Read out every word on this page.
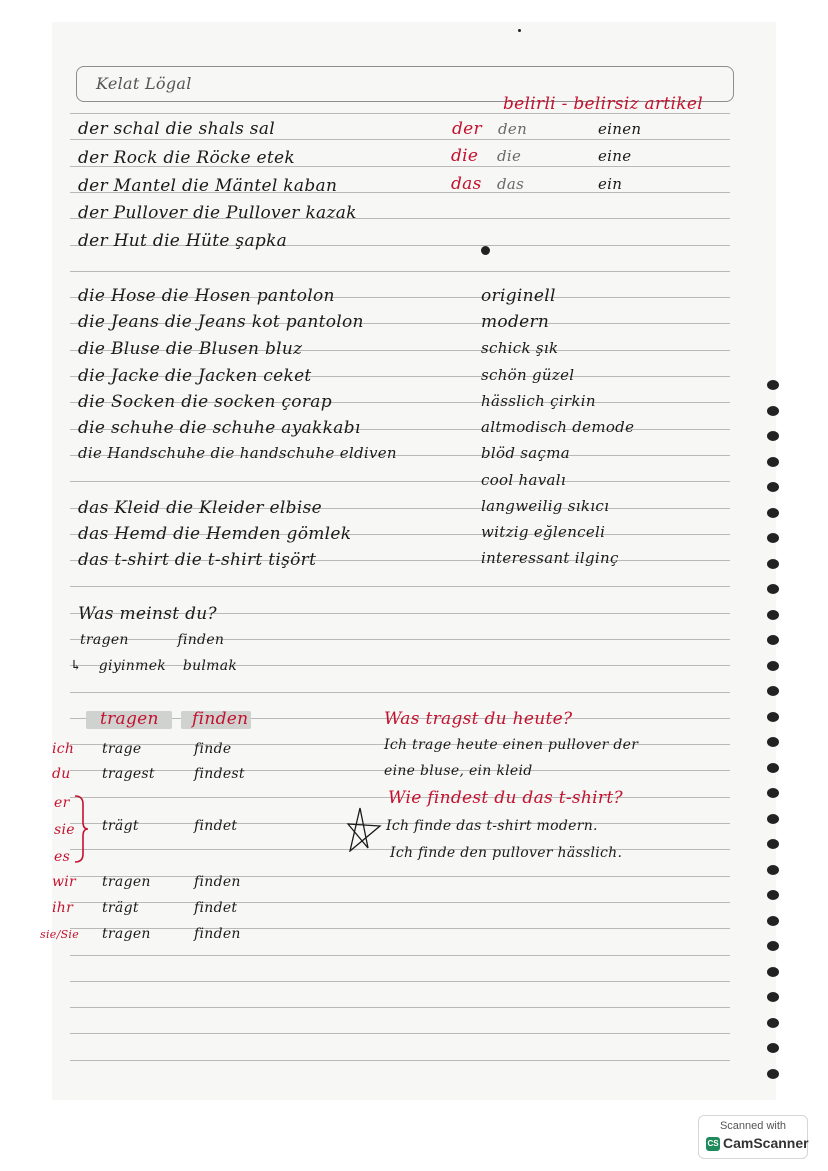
Kelat Lögal
belirli - belirsiz artikel
der schal die shals sal
der Rock die Röcke etek
der Mantel die Mäntel kaban
der Pullover die Pullover kazak
der Hut die Hüte şapka
die Hose die Hosen pantolon
die Jeans die Jeans kot pantolon
die Bluse die Blusen bluz
die Jacke die Jacken ceket
die Socken die socken çorap
die schuhe die schuhe ayakkabı
die Handschuhe die handschuhe eldiven
das Kleid die Kleider elbise
das Hemd die Hemden gömlek
das t-shirt die t-shirt tişört
der den	einen
die die	eine
das das	ein
originell
modern
schick şık
schön güzel
hässlich çirkin
altmodisch demode
blöd saçma
cool havalı
langweilig sıkıcı
witzig eğlenceli
interessant ilginç
Was meinst du?
tragen finden
↳ giyinmek bulmak
tragen finden
ich trage	finde
du tragest	findest
er
sie
es
trägt	findet
wir tragen	finden
ihr trägt	findet
sie/Sie tragen	finden
Was tragst du heute?
Ich trage heute einen pullover der
eine bluse, ein kleid
Wie findest du das t-shirt?
Ich finde das t-shirt modern.
Ich finde den pullover hässlich.
Scanned with
CS CamScanner
